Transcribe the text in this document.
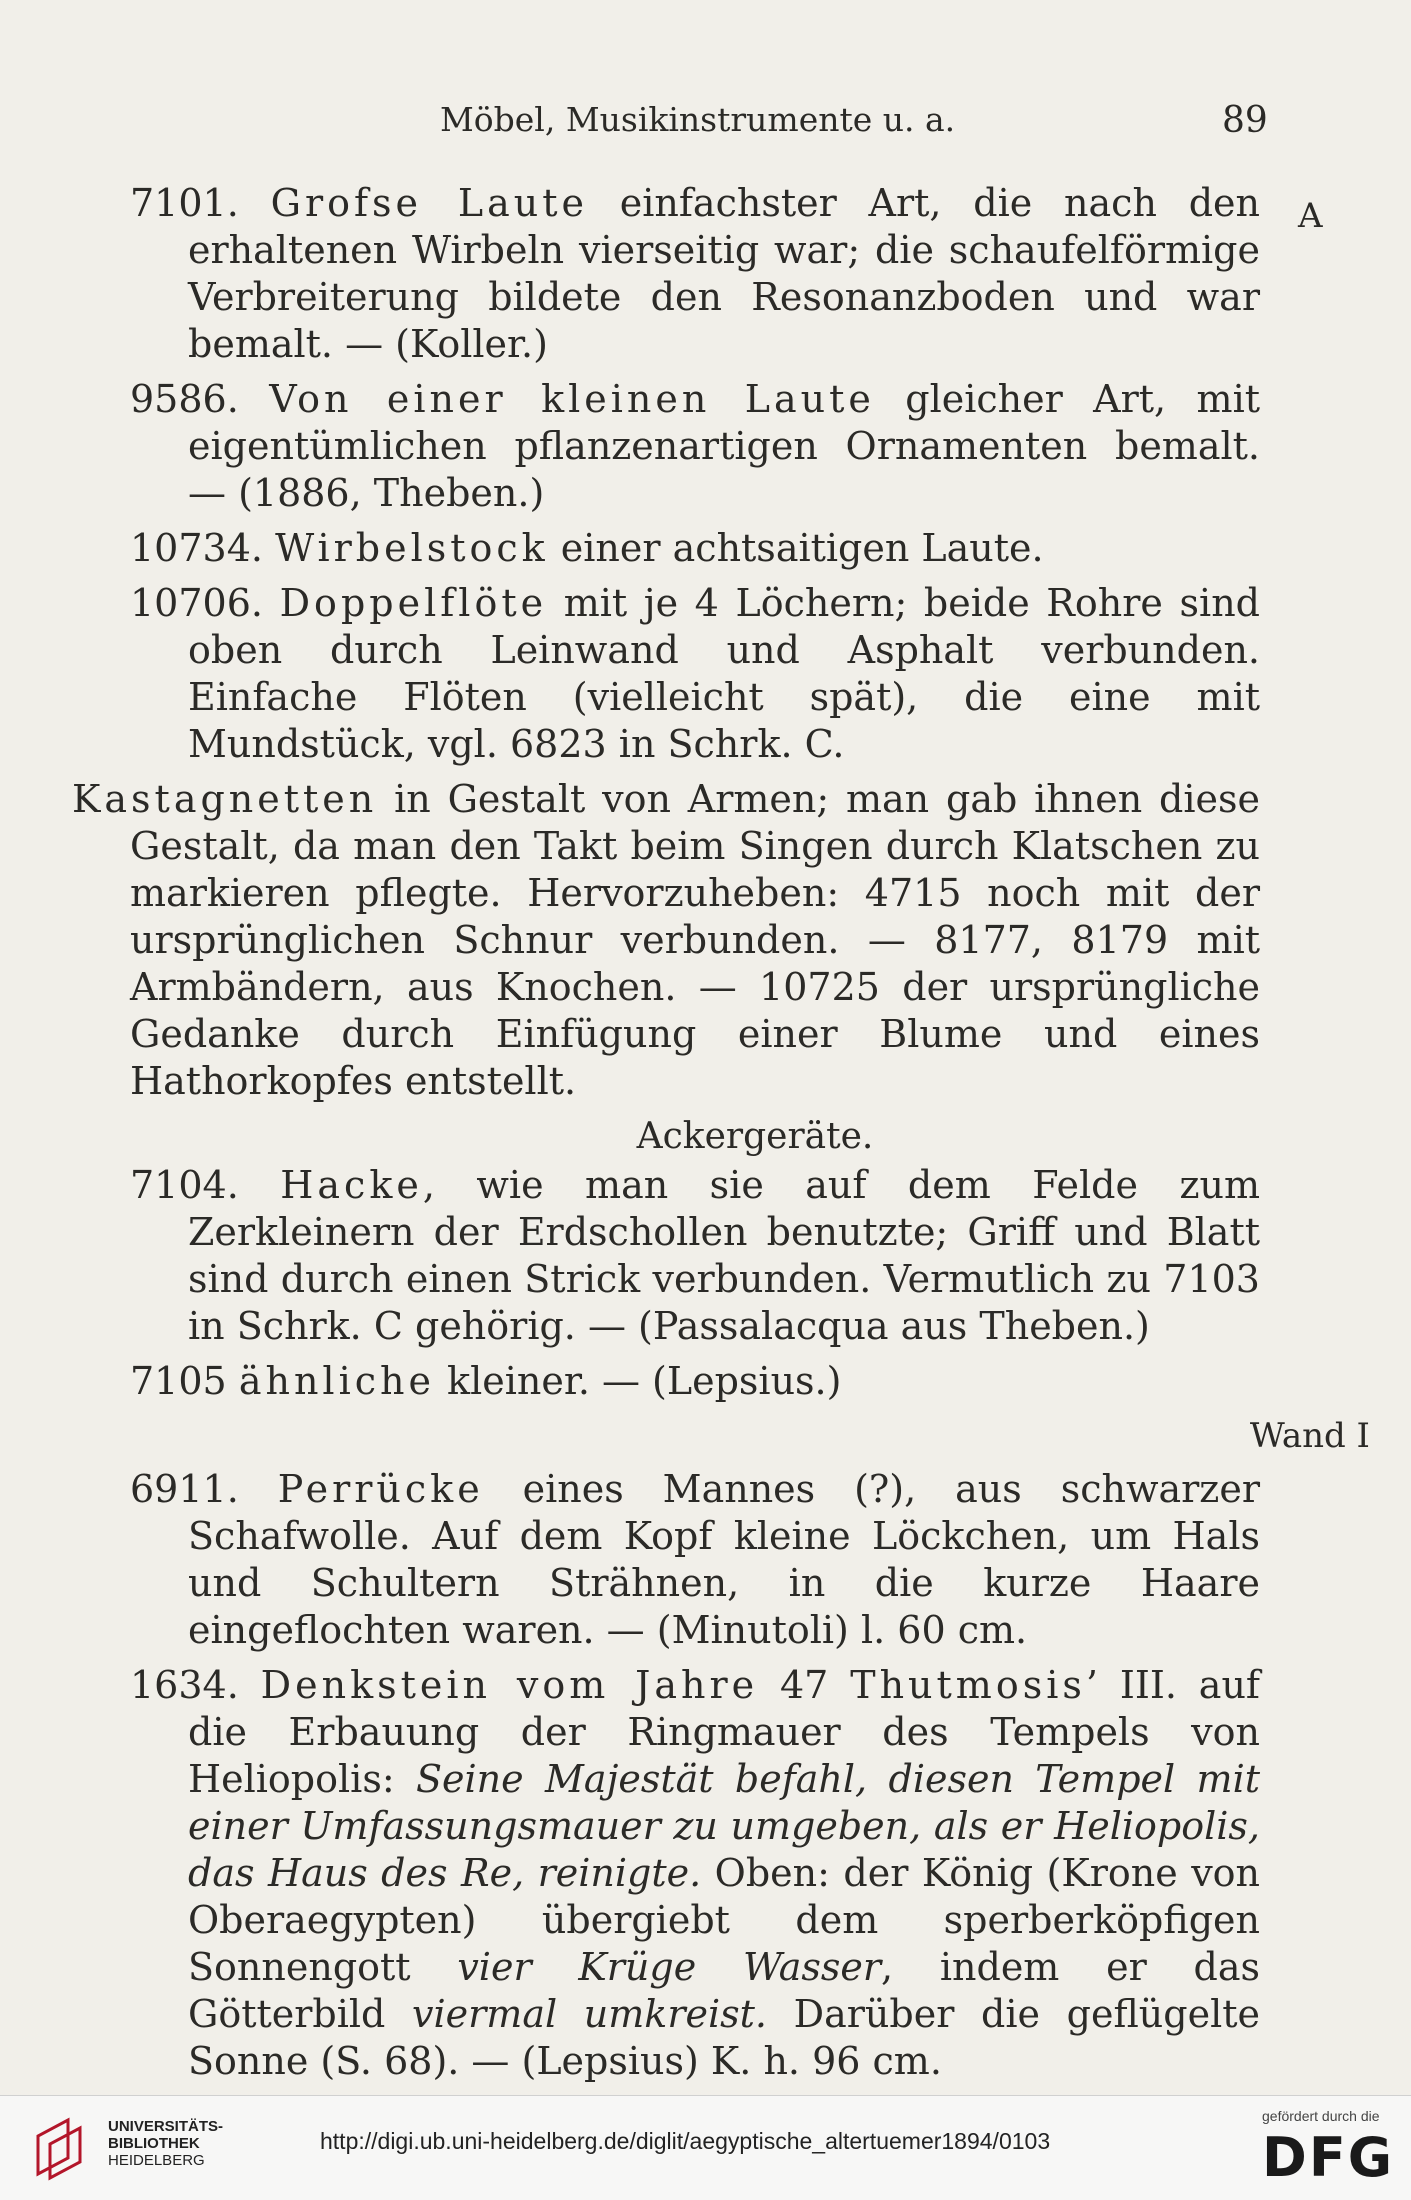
Möbel, Musikinstrumente u. a.	89
A

7101. Grofse Laute einfachster Art, die nach den erhaltenen Wirbeln vierseitig war; die schaufelförmige Verbreiterung bildete den Resonanzboden und war bemalt. — (Koller.)

9586. Von einer kleinen Laute gleicher Art, mit eigentümlichen pflanzenartigen Ornamenten bemalt. — (1886, Theben.)

10734. Wirbelstock einer achtsaitigen Laute.

10706. Doppelflöte mit je 4 Löchern; beide Rohre sind oben durch Leinwand und Asphalt verbunden. Einfache Flöten (vielleicht spät), die eine mit Mundstück, vgl. 6823 in Schrk. C.

Kastagnetten in Gestalt von Armen; man gab ihnen diese Gestalt, da man den Takt beim Singen durch Klatschen zu markieren pflegte. Hervorzuheben: 4715 noch mit der ursprünglichen Schnur verbunden. — 8177, 8179 mit Armbändern, aus Knochen. — 10725 der ursprüngliche Gedanke durch Einfügung einer Blume und eines Hathorkopfes entstellt.

Ackergeräte.

7104. Hacke, wie man sie auf dem Felde zum Zerkleinern der Erdschollen benutzte; Griff und Blatt sind durch einen Strick verbunden. Vermutlich zu 7103 in Schrk. C gehörig. — (Passalacqua aus Theben.)

7105 ähnliche kleiner. — (Lepsius.)

Wand I

6911. Perrücke eines Mannes (?), aus schwarzer Schafwolle. Auf dem Kopf kleine Löckchen, um Hals und Schultern Strähnen, in die kurze Haare eingeflochten waren. — (Minutoli) l. 60 cm.

1634. Denkstein vom Jahre 47 Thutmosis’ III. auf die Erbauung der Ringmauer des Tempels von Heliopolis: Seine Majestät befahl, diesen Tempel mit einer Umfassungsmauer zu umgeben, als er Heliopolis, das Haus des Re, reinigte. Oben: der König (Krone von Oberaegypten) übergiebt dem sperberköpfigen Sonnengott vier Krüge Wasser, indem er das Götterbild viermal umkreist. Darüber die geflügelte Sonne (S. 68). — (Lepsius) K. h. 96 cm.

UNIVERSITÄTS-
BIBLIOTHEK
HEIDELBERG
http://digi.ub.uni-heidelberg.de/diglit/aegyptische_altertuemer1894/0103
gefördert durch die
DFG
